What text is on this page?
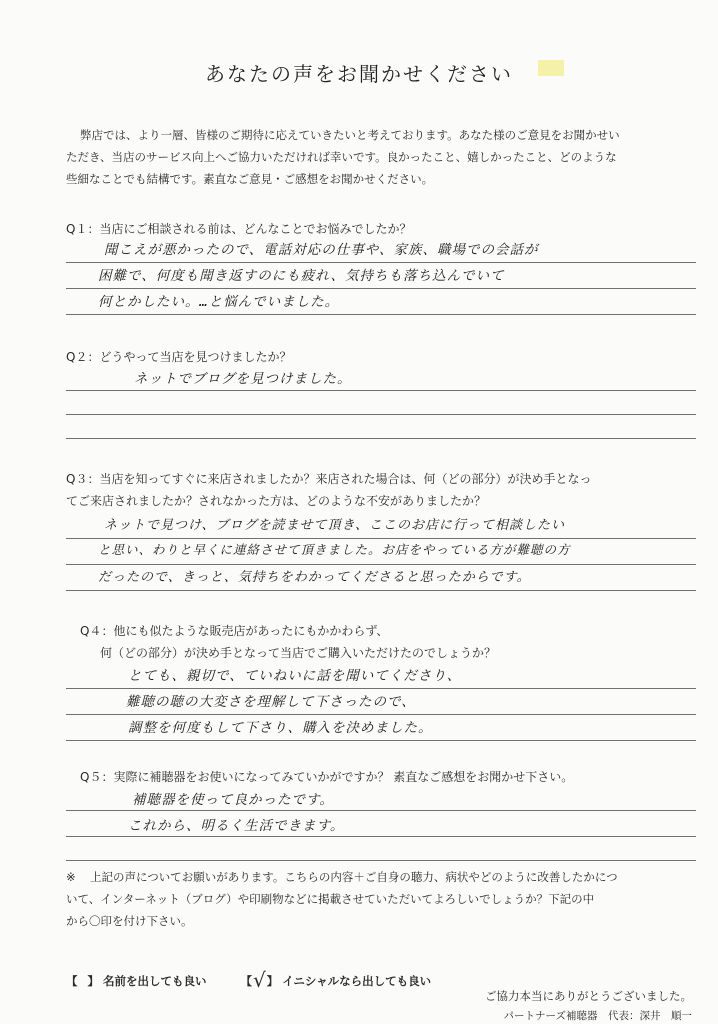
あなたの声をお聞かせください
弊店では、より一層、皆様のご期待に応えていきたいと考えております。あなた様のご意見をお聞かせい
ただき、当店のサービス向上へご協力いただければ幸いです。良かったこと、嬉しかったこと、どのような
些細なことでも結構です。素直なご意見・ご感想をお聞かせください。
Q１：当店にご相談される前は、どんなことでお悩みでしたか？
聞こえが悪かったので、電話対応の仕事や、家族、職場での会話が
困難で、何度も聞き返すのにも疲れ、気持ちも落ち込んでいて
何とかしたい。…と悩んでいました。
Q２：どうやって当店を見つけましたか？
ネットでブログを見つけました。
Q３：当店を知ってすぐに来店されましたか？来店された場合は、何（どの部分）が決め手となっ
てご来店されましたか？されなかった方は、どのような不安がありましたか？
ネットで見つけ、ブログを読ませて頂き、ここのお店に行って相談したい
と思い、わりと早くに連絡させて頂きました。お店をやっている方が難聴の方
だったので、きっと、気持ちをわかってくださると思ったからです。
Q４：他にも似たような販売店があったにもかかわらず、
何（どの部分）が決め手となって当店でご購入いただけたのでしょうか？
とても、親切で、ていねいに話を聞いてくださり、
難聴の聴の大変さを理解して下さったので、
調整を何度もして下さり、購入を決めました。
Q５：実際に補聴器をお使いになってみていかがですか？ 素直なご感想をお聞かせ下さい。
補聴器を使って良かったです。
これから、明るく生活できます。
※	上記の声についてお願いがあります。こちらの内容＋ご自身の聴力、病状やどのように改善したかにつ
いて、インターネット（ブログ）や印刷物などに掲載させていただいてよろしいでしょうか？下記の中
から〇印を付け下さい。
【 】 名前を出しても良い	【√】 イニシャルなら出しても良い
ご協力本当にありがとうございました。
パートナーズ補聴器　代表：深井　順一
